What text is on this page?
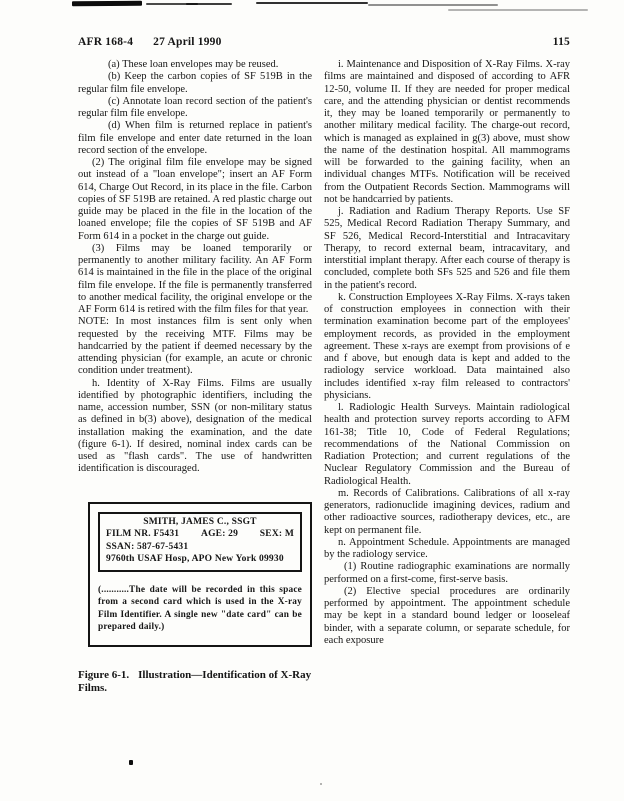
AFR 168-4 27 April 1990	115

(a) These loan envelopes may be reused.

(b) Keep the carbon copies of SF 519B in the regular film file envelope.

(c) Annotate loan record section of the patient's regular film file envelope.

(d) When film is returned replace in patient's film file envelope and enter date returned in the loan record section of the envelope.

(2) The original film file envelope may be signed out instead of a "loan envelope"; insert an AF Form 614, Charge Out Record, in its place in the file. Carbon copies of SF 519B are retained. A red plastic charge out guide may be placed in the file in the location of the loaned envelope; file the copies of SF 519B and AF Form 614 in a pocket in the charge out guide.

(3) Films may be loaned temporarily or permanently to another military facility. An AF Form 614 is maintained in the file in the place of the original film file envelope. If the file is permanently transferred to another medical facility, the original envelope or the AF Form 614 is retired with the film files for that year.

NOTE: In most instances film is sent only when requested by the receiving MTF. Films may be handcarried by the patient if deemed necessary by the attending physician (for example, an acute or chronic condition under treatment).

h. Identity of X-Ray Films. Films are usually identified by photographic identifiers, including the name, accession number, SSN (or non-military status as defined in b(3) above), designation of the medical installation making the examination, and the date (figure 6-1). If desired, nominal index cards can be used as "flash cards". The use of handwritten identification is discouraged.

SMITH, JAMES C., SSGT
FILM NR. F5431 AGE: 29 SEX: M
SSAN: 587-67-5431
9760th USAF Hosp, APO New York 09930
(...........The date will be recorded in this space from a second card which is used in the X-ray Film Identifier. A single new "date card" can be prepared daily.)
Figure 6-1. Illustration—Identification of X-Ray Films.

i. Maintenance and Disposition of X-Ray Films. X-ray films are maintained and disposed of according to AFR 12-50, volume II. If they are needed for proper medical care, and the attending physician or dentist recommends it, they may be loaned temporarily or permanently to another military medical facility. The charge-out record, which is managed as explained in g(3) above, must show the name of the destination hospital. All mammograms will be forwarded to the gaining facility, when an individual changes MTFs. Notification will be received from the Outpatient Records Section. Mammograms will not be handcarried by patients.

j. Radiation and Radium Therapy Reports. Use SF 525, Medical Record Radiation Therapy Summary, and SF 526, Medical Record-Interstitial and Intracavitary Therapy, to record external beam, intracavitary, and interstitial implant therapy. After each course of therapy is concluded, complete both SFs 525 and 526 and file them in the patient's record.

k. Construction Employees X-Ray Films. X-rays taken of construction employees in connection with their termination examination become part of the employees' employment records, as provided in the employment agreement. These x-rays are exempt from provisions of e and f above, but enough data is kept and added to the radiology service workload. Data maintained also includes identified x-ray film released to contractors' physicians.

l. Radiologic Health Surveys. Maintain radiological health and protection survey reports according to AFM 161-38; Title 10, Code of Federal Regulations; recommendations of the National Commission on Radiation Protection; and current regulations of the Nuclear Regulatory Commission and the Bureau of Radiological Health.

m. Records of Calibrations. Calibrations of all x-ray generators, radionuclide imagining devices, radium and other radioactive sources, radiotherapy devices, etc., are kept on permanent file.

n. Appointment Schedule. Appointments are managed by the radiology service.

(1) Routine radiographic examinations are normally performed on a first-come, first-serve basis.

(2) Elective special procedures are ordinarily performed by appointment. The appointment schedule may be kept in a standard bound ledger or looseleaf binder, with a separate column, or separate schedule, for each exposure
